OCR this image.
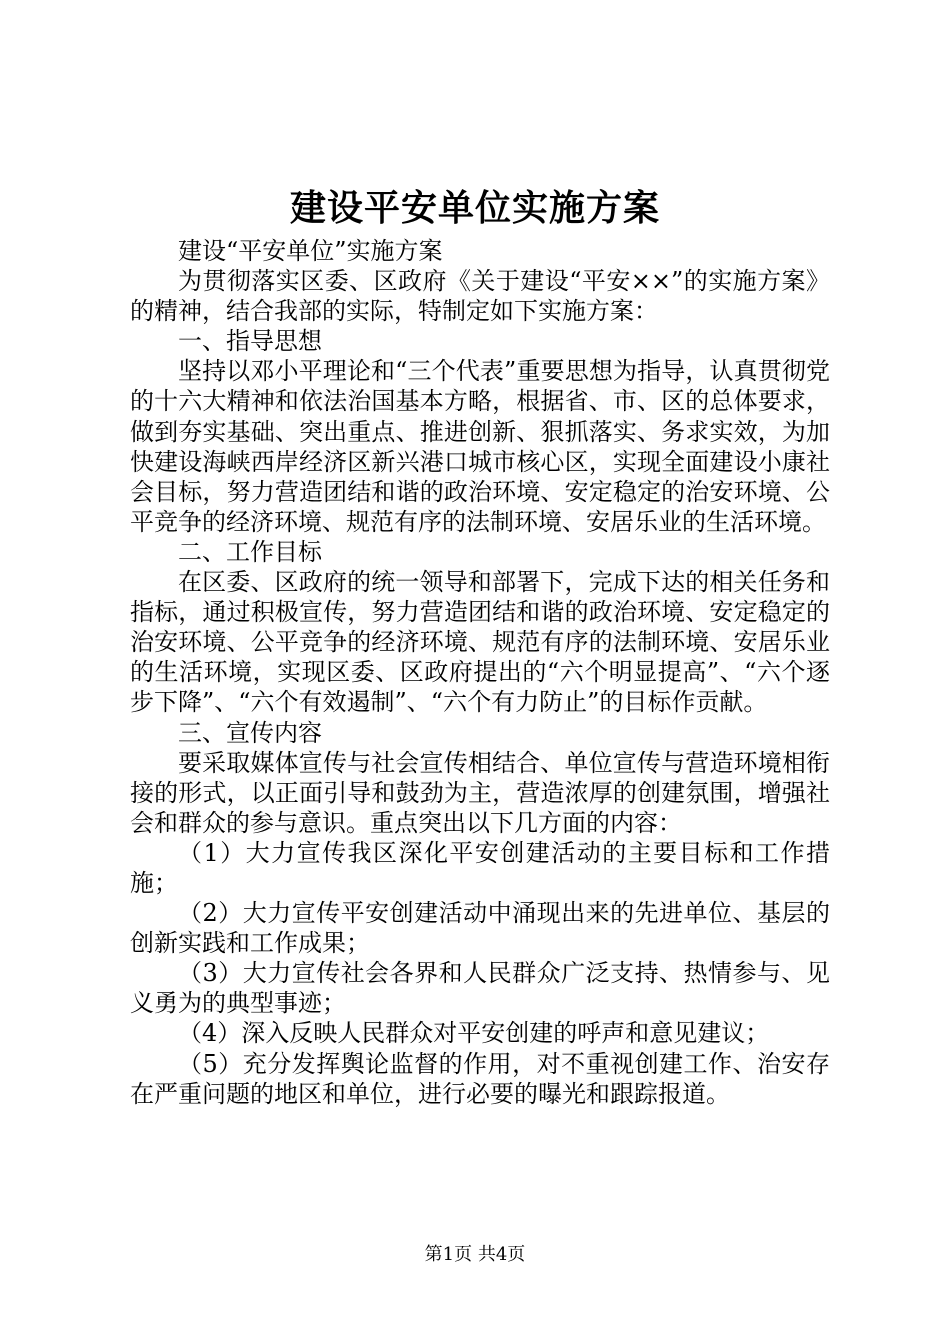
建设平安单位实施方案

建设“平安单位”实施方案

为贯彻落实区委、区政府《关于建设“平安××”的实施方案》的精神，结合我部的实际，特制定如下实施方案：

一、指导思想

坚持以邓小平理论和“三个代表”重要思想为指导，认真贯彻党的十六大精神和依法治国基本方略，根据省、市、区的总体要求，做到夯实基础、突出重点、推进创新、狠抓落实、务求实效，为加快建设海峡西岸经济区新兴港口城市核心区，实现全面建设小康社会目标，努力营造团结和谐的政治环境、安定稳定的治安环境、公平竞争的经济环境、规范有序的法制环境、安居乐业的生活环境。

二、工作目标

在区委、区政府的统一领导和部署下，完成下达的相关任务和指标，通过积极宣传，努力营造团结和谐的政治环境、安定稳定的治安环境、公平竞争的经济环境、规范有序的法制环境、安居乐业的生活环境，实现区委、区政府提出的“六个明显提高”、“六个逐步下降”、“六个有效遏制”、“六个有力防止”的目标作贡献。

三、宣传内容

要采取媒体宣传与社会宣传相结合、单位宣传与营造环境相衔接的形式，以正面引导和鼓劲为主，营造浓厚的创建氛围，增强社会和群众的参与意识。重点突出以下几方面的内容：

（1）大力宣传我区深化平安创建活动的主要目标和工作措施；

（2）大力宣传平安创建活动中涌现出来的先进单位、基层的创新实践和工作成果；

（3）大力宣传社会各界和人民群众广泛支持、热情参与、见义勇为的典型事迹；

（4）深入反映人民群众对平安创建的呼声和意见建议；

（5）充分发挥舆论监督的作用，对不重视创建工作、治安存在严重问题的地区和单位，进行必要的曝光和跟踪报道。

第1页 共4页
